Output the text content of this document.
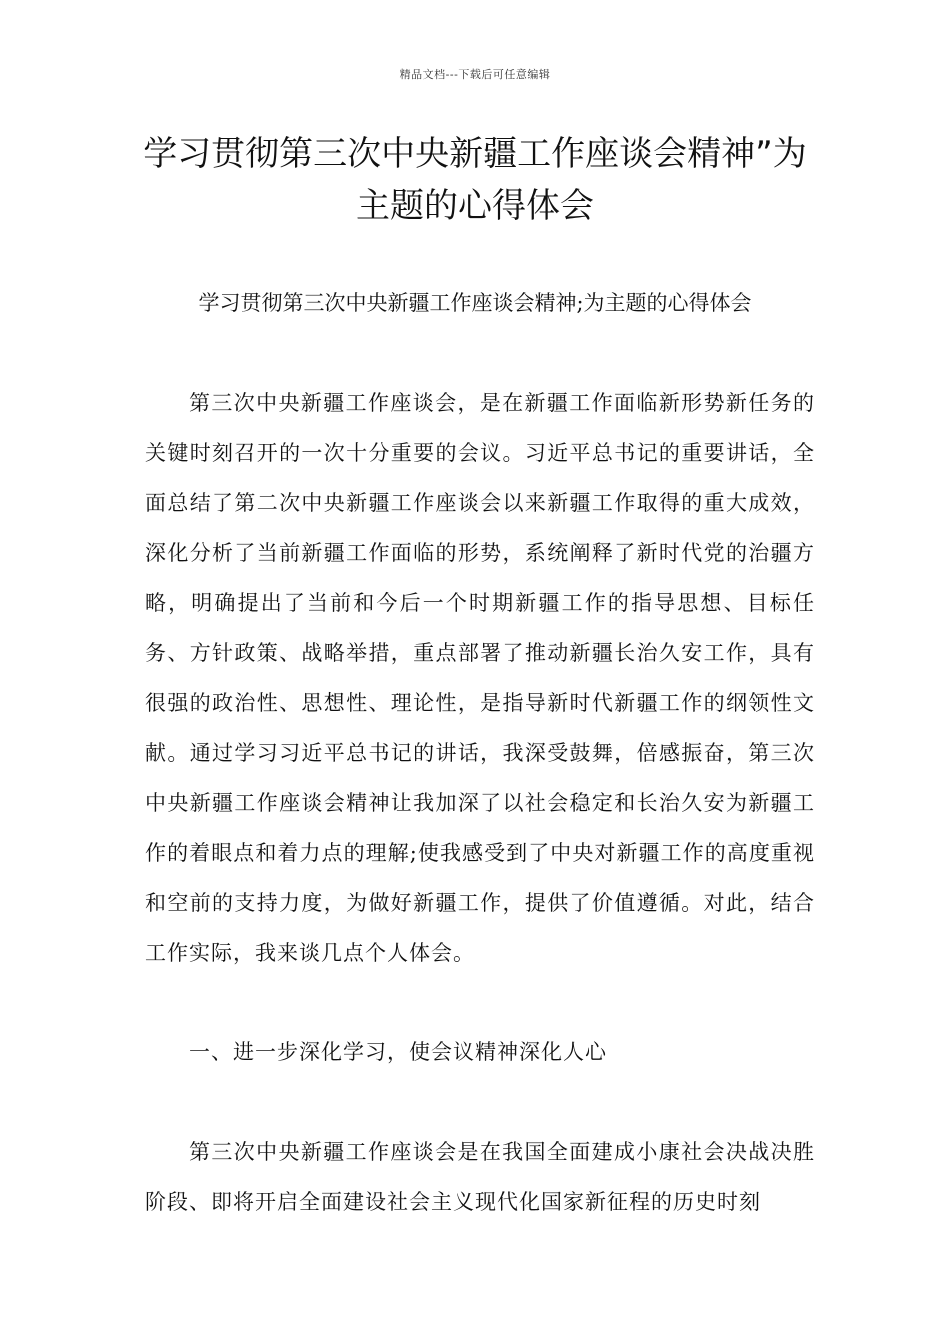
精品文档---下载后可任意编辑
学习贯彻第三次中央新疆工作座谈会精神”为主题的心得体会

学习贯彻第三次中央新疆工作座谈会精神;为主题的心得体会

第三次中央新疆工作座谈会，是在新疆工作面临新形势新任务的关键时刻召开的一次十分重要的会议。习近平总书记的重要讲话，全面总结了第二次中央新疆工作座谈会以来新疆工作取得的重大成效，深化分析了当前新疆工作面临的形势，系统阐释了新时代党的治疆方略，明确提出了当前和今后一个时期新疆工作的指导思想、目标任务、方针政策、战略举措，重点部署了推动新疆长治久安工作，具有很强的政治性、思想性、理论性，是指导新时代新疆工作的纲领性文献。通过学习习近平总书记的讲话，我深受鼓舞，倍感振奋，第三次中央新疆工作座谈会精神让我加深了以社会稳定和长治久安为新疆工作的着眼点和着力点的理解;使我感受到了中央对新疆工作的高度重视和空前的支持力度，为做好新疆工作，提供了价值遵循。对此，结合工作实际，我来谈几点个人体会。

一、进一步深化学习，使会议精神深化人心

第三次中央新疆工作座谈会是在我国全面建成小康社会决战决胜阶段、即将开启全面建设社会主义现代化国家新征程的历史时刻
